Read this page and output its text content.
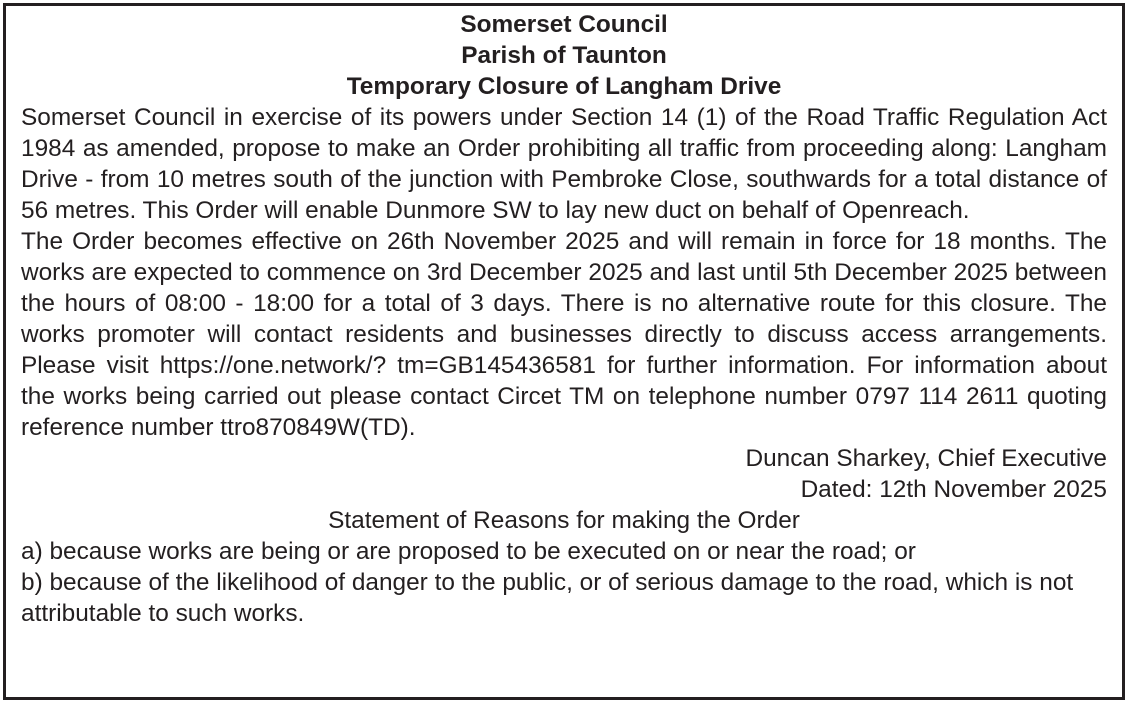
Somerset Council

Parish of Taunton

Temporary Closure of Langham Drive

Somerset Council in exercise of its powers under Section 14 (1) of the Road Traffic Regulation Act 1984 as amended, propose to make an Order prohibiting all traffic from proceeding along: Langham Drive - from 10 metres south of the junction with Pembroke Close, southwards for a total distance of 56 metres. This Order will enable Dunmore SW to lay new duct on behalf of Openreach.

The Order becomes effective on 26th November 2025 and will remain in force for 18 months. The works are expected to commence on 3rd December 2025 and last until 5th December 2025 between the hours of 08:00 - 18:00 for a total of 3 days. There is no alternative route for this closure. The works promoter will contact residents and businesses directly to discuss access arrangements. Please visit https://one.network/? tm=GB145436581 for further information. For information about the works being carried out please contact Circet TM on telephone number 0797 114 2611 quoting reference number ttro870849W(TD).

Duncan Sharkey, Chief Executive

Dated: 12th November 2025

Statement of Reasons for making the Order

a) because works are being or are proposed to be executed on or near the road; or

b) because of the likelihood of danger to the public, or of serious damage to the road, which is not attributable to such works.
